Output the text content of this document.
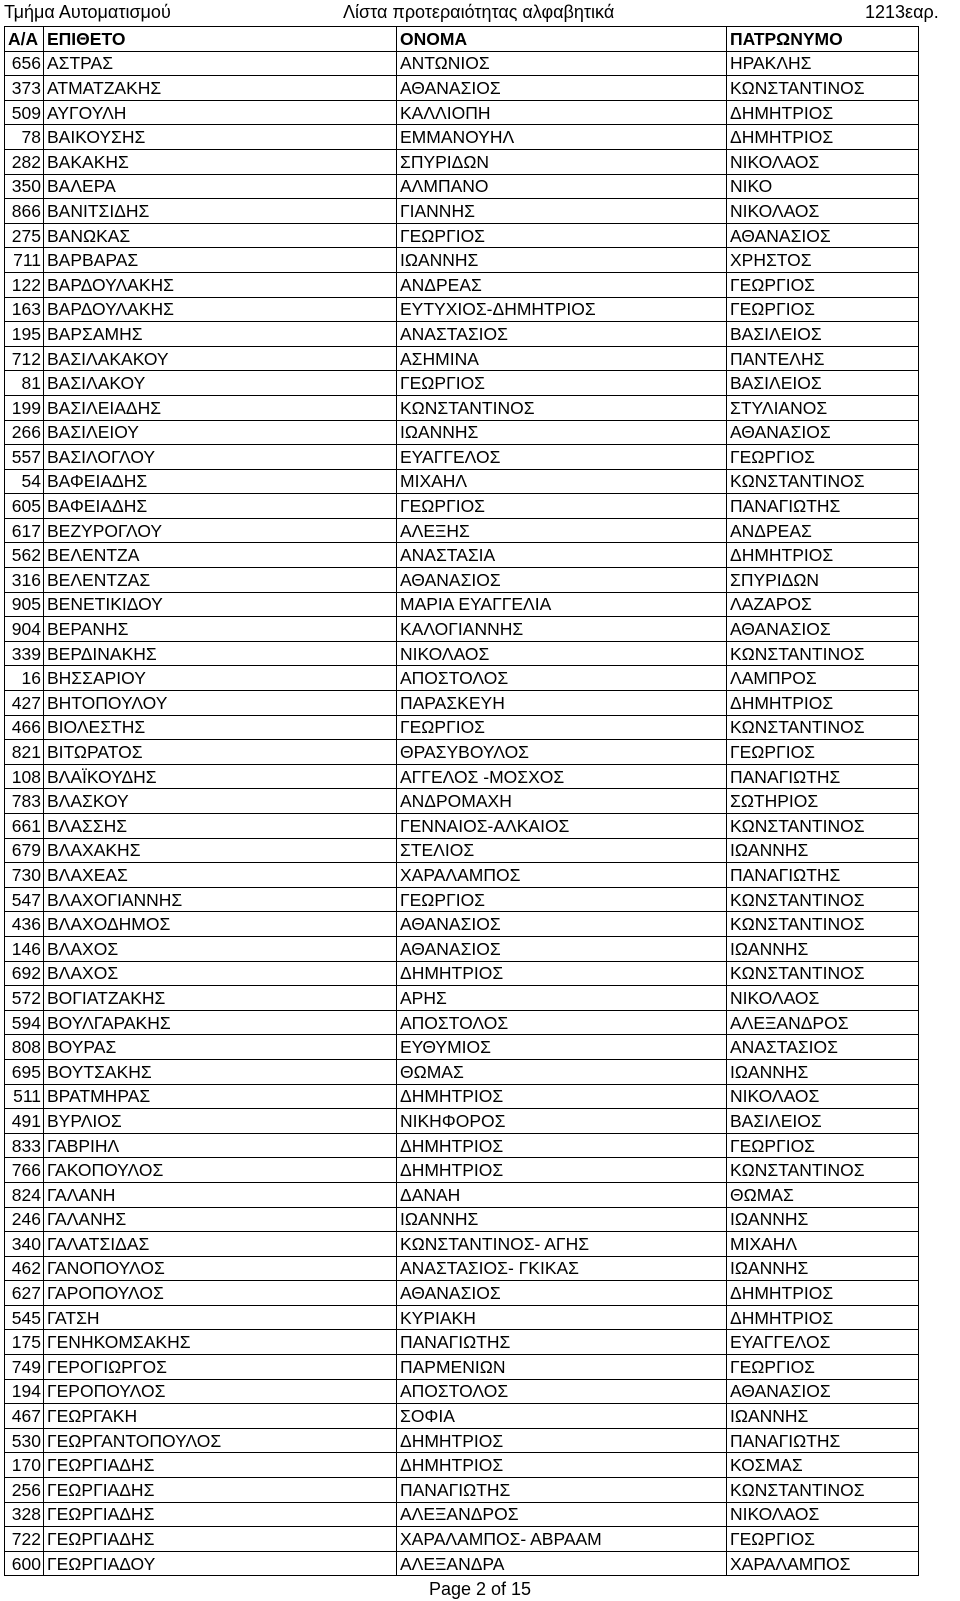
Τμήμα Αυτοματισμού	Λίστα προτεραιότητας αλφαβητικά	1213εαρ.
Α/Α	ΕΠΙΘΕΤΟ	ΟΝΟΜΑ	ΠΑΤΡΩΝΥΜΟ
656	ΑΣΤΡΑΣ	ΑΝΤΩΝΙΟΣ	ΗΡΑΚΛΗΣ
373	ΑΤΜΑΤΖΑΚΗΣ	ΑΘΑΝΑΣΙΟΣ	ΚΩΝΣΤΑΝΤΙΝΟΣ
509	ΑΥΓΟΥΛΗ	ΚΑΛΛΙΟΠΗ	ΔΗΜΗΤΡΙΟΣ
78	ΒΑΙΚΟΥΣΗΣ	ΕΜΜΑΝΟΥΗΛ	ΔΗΜΗΤΡΙΟΣ
282	ΒΑΚΑΚΗΣ	ΣΠΥΡΙΔΩΝ	ΝΙΚΟΛΑΟΣ
350	ΒΑΛΕΡΑ	ΑΛΜΠΑΝΟ	ΝΙΚΟ
866	ΒΑΝΙΤΣΙΔΗΣ	ΓΙΑΝΝΗΣ	ΝΙΚΟΛΑΟΣ
275	ΒΑΝΩΚΑΣ	ΓΕΩΡΓΙΟΣ	ΑΘΑΝΑΣΙΟΣ
711	ΒΑΡΒΑΡΑΣ	ΙΩΑΝΝΗΣ	ΧΡΗΣΤΟΣ
122	ΒΑΡΔΟΥΛΑΚΗΣ	ΑΝΔΡΕΑΣ	ΓΕΩΡΓΙΟΣ
163	ΒΑΡΔΟΥΛΑΚΗΣ	ΕΥΤΥΧΙΟΣ-ΔΗΜΗΤΡΙΟΣ	ΓΕΩΡΓΙΟΣ
195	ΒΑΡΣΑΜΗΣ	ΑΝΑΣΤΑΣΙΟΣ	ΒΑΣΙΛΕΙΟΣ
712	ΒΑΣΙΛΑΚΑΚΟΥ	ΑΣΗΜΙΝΑ	ΠΑΝΤΕΛΗΣ
81	ΒΑΣΙΛΑΚΟΥ	ΓΕΩΡΓΙΟΣ	ΒΑΣΙΛΕΙΟΣ
199	ΒΑΣΙΛΕΙΑΔΗΣ	ΚΩΝΣΤΑΝΤΙΝΟΣ	ΣΤΥΛΙΑΝΟΣ
266	ΒΑΣΙΛΕΙΟΥ	ΙΩΑΝΝΗΣ	ΑΘΑΝΑΣΙΟΣ
557	ΒΑΣΙΛΟΓΛΟΥ	ΕΥΑΓΓΕΛΟΣ	ΓΕΩΡΓΙΟΣ
54	ΒΑΦΕΙΑΔΗΣ	ΜΙΧΑΗΛ	ΚΩΝΣΤΑΝΤΙΝΟΣ
605	ΒΑΦΕΙΑΔΗΣ	ΓΕΩΡΓΙΟΣ	ΠΑΝΑΓΙΩΤΗΣ
617	ΒΕΖΥΡΟΓΛΟΥ	ΑΛΕΞΗΣ	ΑΝΔΡΕΑΣ
562	ΒΕΛΕΝΤΖΑ	ΑΝΑΣΤΑΣΙΑ	ΔΗΜΗΤΡΙΟΣ
316	ΒΕΛΕΝΤΖΑΣ	ΑΘΑΝΑΣΙΟΣ	ΣΠΥΡΙΔΩΝ
905	ΒΕΝΕΤΙΚΙΔΟΥ	ΜΑΡΙΑ ΕΥΑΓΓΕΛΙΑ	ΛΑΖΑΡΟΣ
904	ΒΕΡΑΝΗΣ	ΚΑΛΟΓΙΑΝΝΗΣ	ΑΘΑΝΑΣΙΟΣ
339	ΒΕΡΔΙΝΑΚΗΣ	ΝΙΚΟΛΑΟΣ	ΚΩΝΣΤΑΝΤΙΝΟΣ
16	ΒΗΣΣΑΡΙΟΥ	ΑΠΟΣΤΟΛΟΣ	ΛΑΜΠΡΟΣ
427	ΒΗΤΟΠΟΥΛΟΥ	ΠΑΡΑΣΚΕΥΗ	ΔΗΜΗΤΡΙΟΣ
466	ΒΙΟΛΕΣΤΗΣ	ΓΕΩΡΓΙΟΣ	ΚΩΝΣΤΑΝΤΙΝΟΣ
821	ΒΙΤΩΡΑΤΟΣ	ΘΡΑΣΥΒΟΥΛΟΣ	ΓΕΩΡΓΙΟΣ
108	ΒΛΑΪΚΟΥΔΗΣ	ΑΓΓΕΛΟΣ -ΜΟΣΧΟΣ	ΠΑΝΑΓΙΩΤΗΣ
783	ΒΛΑΣΚΟΥ	ΑΝΔΡΟΜΑΧΗ	ΣΩΤΗΡΙΟΣ
661	ΒΛΑΣΣΗΣ	ΓΕΝΝΑΙΟΣ-ΑΛΚΑΙΟΣ	ΚΩΝΣΤΑΝΤΙΝΟΣ
679	ΒΛΑΧΑΚΗΣ	ΣΤΕΛΙΟΣ	ΙΩΑΝΝΗΣ
730	ΒΛΑΧΕΑΣ	ΧΑΡΑΛΑΜΠΟΣ	ΠΑΝΑΓΙΩΤΗΣ
547	ΒΛΑΧΟΓΙΑΝΝΗΣ	ΓΕΩΡΓΙΟΣ	ΚΩΝΣΤΑΝΤΙΝΟΣ
436	ΒΛΑΧΟΔΗΜΟΣ	ΑΘΑΝΑΣΙΟΣ	ΚΩΝΣΤΑΝΤΙΝΟΣ
146	ΒΛΑΧΟΣ	ΑΘΑΝΑΣΙΟΣ	ΙΩΑΝΝΗΣ
692	ΒΛΑΧΟΣ	ΔΗΜΗΤΡΙΟΣ	ΚΩΝΣΤΑΝΤΙΝΟΣ
572	ΒΟΓΙΑΤΖΑΚΗΣ	ΑΡΗΣ	ΝΙΚΟΛΑΟΣ
594	ΒΟΥΛΓΑΡΑΚΗΣ	ΑΠΟΣΤΟΛΟΣ	ΑΛΕΞΑΝΔΡΟΣ
808	ΒΟΥΡΑΣ	ΕΥΘΥΜΙΟΣ	ΑΝΑΣΤΑΣΙΟΣ
695	ΒΟΥΤΣΑΚΗΣ	ΘΩΜΑΣ	ΙΩΑΝΝΗΣ
511	ΒΡΑΤΜΗΡΑΣ	ΔΗΜΗΤΡΙΟΣ	ΝΙΚΟΛΑΟΣ
491	ΒΥΡΛΙΟΣ	ΝΙΚΗΦΟΡΟΣ	ΒΑΣΙΛΕΙΟΣ
833	ΓΑΒΡΙΗΛ	ΔΗΜΗΤΡΙΟΣ	ΓΕΩΡΓΙΟΣ
766	ΓΑΚΟΠΟΥΛΟΣ	ΔΗΜΗΤΡΙΟΣ	ΚΩΝΣΤΑΝΤΙΝΟΣ
824	ΓΑΛΑΝΗ	ΔΑΝΑΗ	ΘΩΜΑΣ
246	ΓΑΛΑΝΗΣ	ΙΩΑΝΝΗΣ	ΙΩΑΝΝΗΣ
340	ΓΑΛΑΤΣΙΔΑΣ	ΚΩΝΣΤΑΝΤΙΝΟΣ- ΑΓΗΣ	ΜΙΧΑΗΛ
462	ΓΑΝΟΠΟΥΛΟΣ	ΑΝΑΣΤΑΣΙΟΣ- ΓΚΙΚΑΣ	ΙΩΑΝΝΗΣ
627	ΓΑΡΟΠΟΥΛΟΣ	ΑΘΑΝΑΣΙΟΣ	ΔΗΜΗΤΡΙΟΣ
545	ΓΑΤΣΗ	ΚΥΡΙΑΚΗ	ΔΗΜΗΤΡΙΟΣ
175	ΓΕΝΗΚΟΜΣΑΚΗΣ	ΠΑΝΑΓΙΩΤΗΣ	ΕΥΑΓΓΕΛΟΣ
749	ΓΕΡΟΓΙΩΡΓΟΣ	ΠΑΡΜΕΝΙΩΝ	ΓΕΩΡΓΙΟΣ
194	ΓΕΡΟΠΟΥΛΟΣ	ΑΠΟΣΤΟΛΟΣ	ΑΘΑΝΑΣΙΟΣ
467	ΓΕΩΡΓΑΚΗ	ΣΟΦΙΑ	ΙΩΑΝΝΗΣ
530	ΓΕΩΡΓΑΝΤΟΠΟΥΛΟΣ	ΔΗΜΗΤΡΙΟΣ	ΠΑΝΑΓΙΩΤΗΣ
170	ΓΕΩΡΓΙΑΔΗΣ	ΔΗΜΗΤΡΙΟΣ	ΚΟΣΜΑΣ
256	ΓΕΩΡΓΙΑΔΗΣ	ΠΑΝΑΓΙΩΤΗΣ	ΚΩΝΣΤΑΝΤΙΝΟΣ
328	ΓΕΩΡΓΙΑΔΗΣ	ΑΛΕΞΑΝΔΡΟΣ	ΝΙΚΟΛΑΟΣ
722	ΓΕΩΡΓΙΑΔΗΣ	ΧΑΡΑΛΑΜΠΟΣ- ΑΒΡΑΑΜ	ΓΕΩΡΓΙΟΣ
600	ΓΕΩΡΓΙΑΔΟΥ	ΑΛΕΞΑΝΔΡΑ	ΧΑΡΑΛΑΜΠΟΣ
Page 2 of 15
